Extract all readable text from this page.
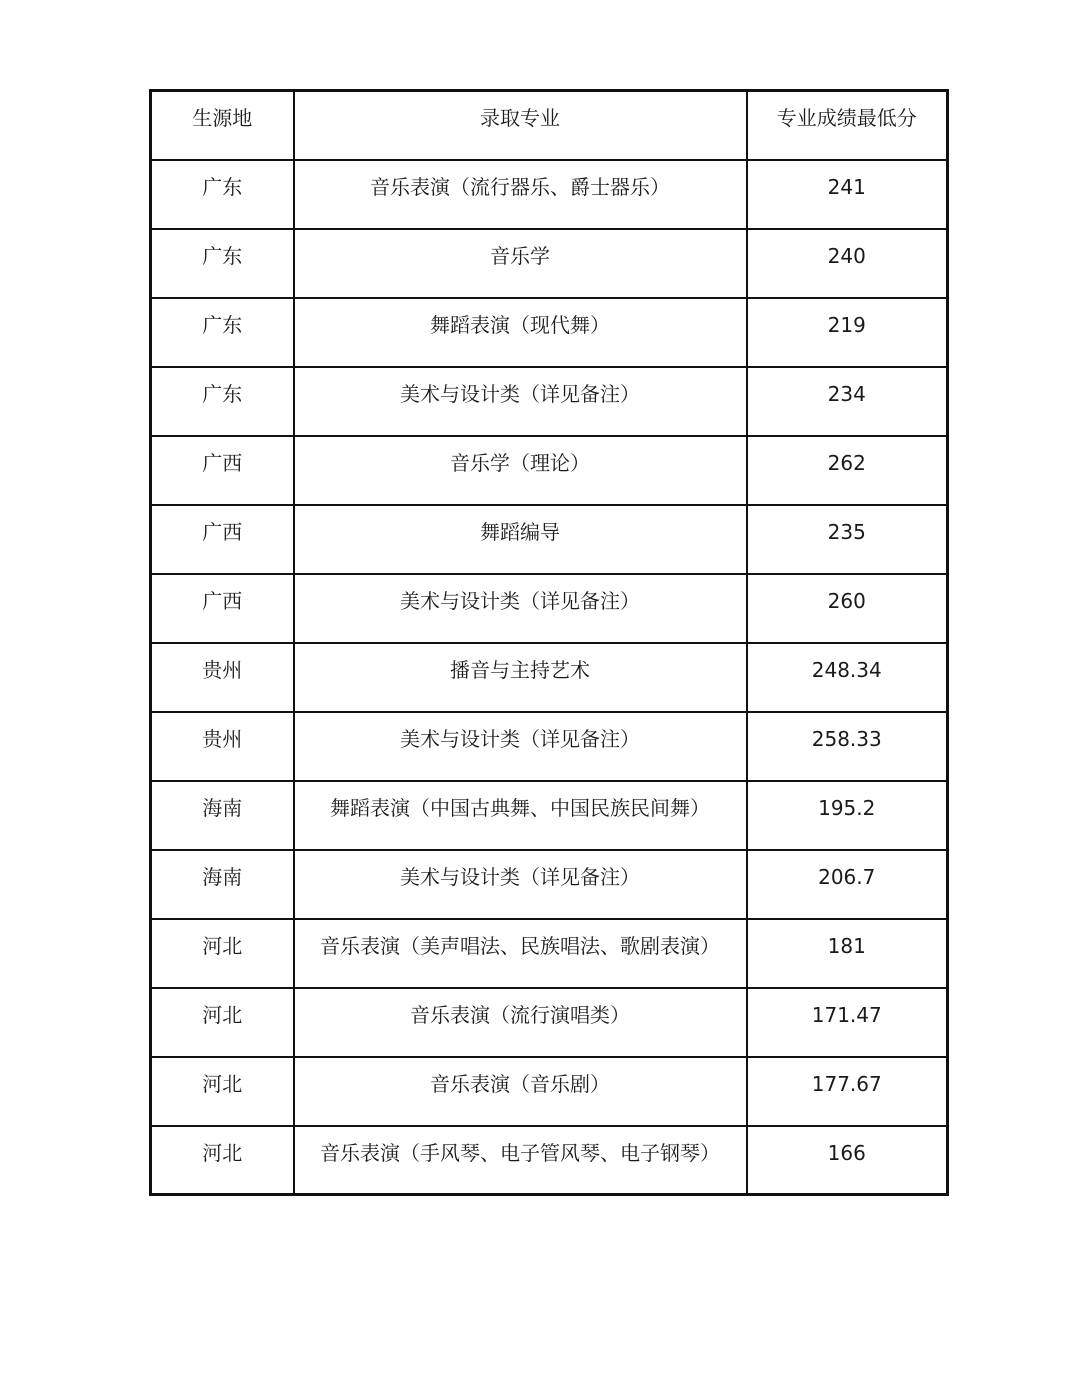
生源地	录取专业	专业成绩最低分
广东	音乐表演（流行器乐、爵士器乐）	241
广东	音乐学	240
广东	舞蹈表演（现代舞）	219
广东	美术与设计类（详见备注）	234
广西	音乐学（理论）	262
广西	舞蹈编导	235
广西	美术与设计类（详见备注）	260
贵州	播音与主持艺术	248.34
贵州	美术与设计类（详见备注）	258.33
海南	舞蹈表演（中国古典舞、中国民族民间舞）	195.2
海南	美术与设计类（详见备注）	206.7
河北	音乐表演（美声唱法、民族唱法、歌剧表演）	181
河北	音乐表演（流行演唱类）	171.47
河北	音乐表演（音乐剧）	177.67
河北	音乐表演（手风琴、电子管风琴、电子钢琴）	166
